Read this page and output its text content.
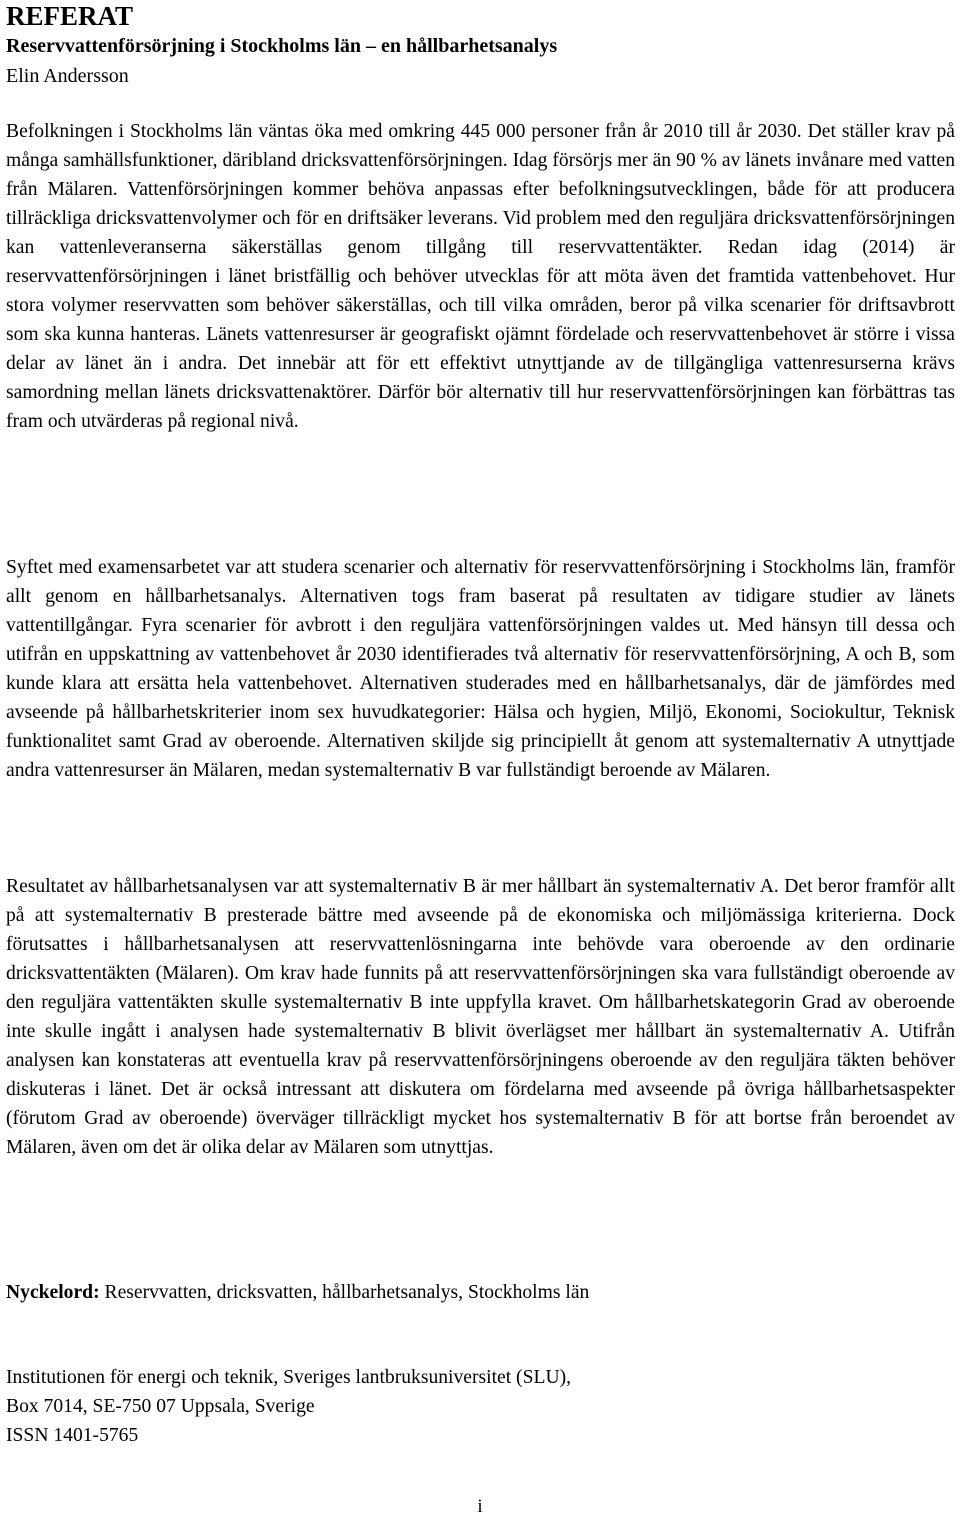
REFERAT
Reservvattenförsörjning i Stockholms län – en hållbarhetsanalys
Elin Andersson

Befolkningen i Stockholms län väntas öka med omkring 445 000 personer från år 2010 till år 2030. Det ställer krav på många samhällsfunktioner, däribland dricksvattenförsörjningen. Idag försörjs mer än 90 % av länets invånare med vatten från Mälaren. Vattenförsörjningen kommer behöva anpassas efter befolkningsutvecklingen, både för att producera tillräckliga dricksvattenvolymer och för en driftsäker leverans. Vid problem med den reguljära dricksvattenförsörjningen kan vattenleveranserna säkerställas genom tillgång till reservvattentäkter. Redan idag (2014) är reservvattenförsörjningen i länet bristfällig och behöver utvecklas för att möta även det framtida vattenbehovet. Hur stora volymer reservvatten som behöver säkerställas, och till vilka områden, beror på vilka scenarier för driftsavbrott som ska kunna hanteras. Länets vattenresurser är geografiskt ojämnt fördelade och reservvattenbehovet är större i vissa delar av länet än i andra. Det innebär att för ett effektivt utnyttjande av de tillgängliga vattenresurserna krävs samordning mellan länets dricksvattenaktörer. Därför bör alternativ till hur reservvattenförsörjningen kan förbättras tas fram och utvärderas på regional nivå.

Syftet med examensarbetet var att studera scenarier och alternativ för reservvattenförsörjning i Stockholms län, framför allt genom en hållbarhetsanalys. Alternativen togs fram baserat på resultaten av tidigare studier av länets vattentillgångar. Fyra scenarier för avbrott i den reguljära vattenförsörjningen valdes ut. Med hänsyn till dessa och utifrån en uppskattning av vattenbehovet år 2030 identifierades två alternativ för reservvattenförsörjning, A och B, som kunde klara att ersätta hela vattenbehovet. Alternativen studerades med en hållbarhetsanalys, där de jämfördes med avseende på hållbarhetskriterier inom sex huvudkategorier: Hälsa och hygien, Miljö, Ekonomi, Sociokultur, Teknisk funktionalitet samt Grad av oberoende. Alternativen skiljde sig principiellt åt genom att systemalternativ A utnyttjade andra vattenresurser än Mälaren, medan systemalternativ B var fullständigt beroende av Mälaren.

Resultatet av hållbarhetsanalysen var att systemalternativ B är mer hållbart än systemalternativ A. Det beror framför allt på att systemalternativ B presterade bättre med avseende på de ekonomiska och miljömässiga kriterierna. Dock förutsattes i hållbarhetsanalysen att reservvattenlösningarna inte behövde vara oberoende av den ordinarie dricksvattentäkten (Mälaren). Om krav hade funnits på att reservvattenförsörjningen ska vara fullständigt oberoende av den reguljära vattentäkten skulle systemalternativ B inte uppfylla kravet. Om hållbarhetskategorin Grad av oberoende inte skulle ingått i analysen hade systemalternativ B blivit överlägset mer hållbart än systemalternativ A. Utifrån analysen kan konstateras att eventuella krav på reservvattenförsörjningens oberoende av den reguljära täkten behöver diskuteras i länet. Det är också intressant att diskutera om fördelarna med avseende på övriga hållbarhetsaspekter (förutom Grad av oberoende) överväger tillräckligt mycket hos systemalternativ B för att bortse från beroendet av Mälaren, även om det är olika delar av Mälaren som utnyttjas.

Nyckelord: Reservvatten, dricksvatten, hållbarhetsanalys, Stockholms län
Institutionen för energi och teknik, Sveriges lantbruksuniversitet (SLU),
Box 7014, SE-750 07 Uppsala, Sverige
ISSN 1401-5765
i
